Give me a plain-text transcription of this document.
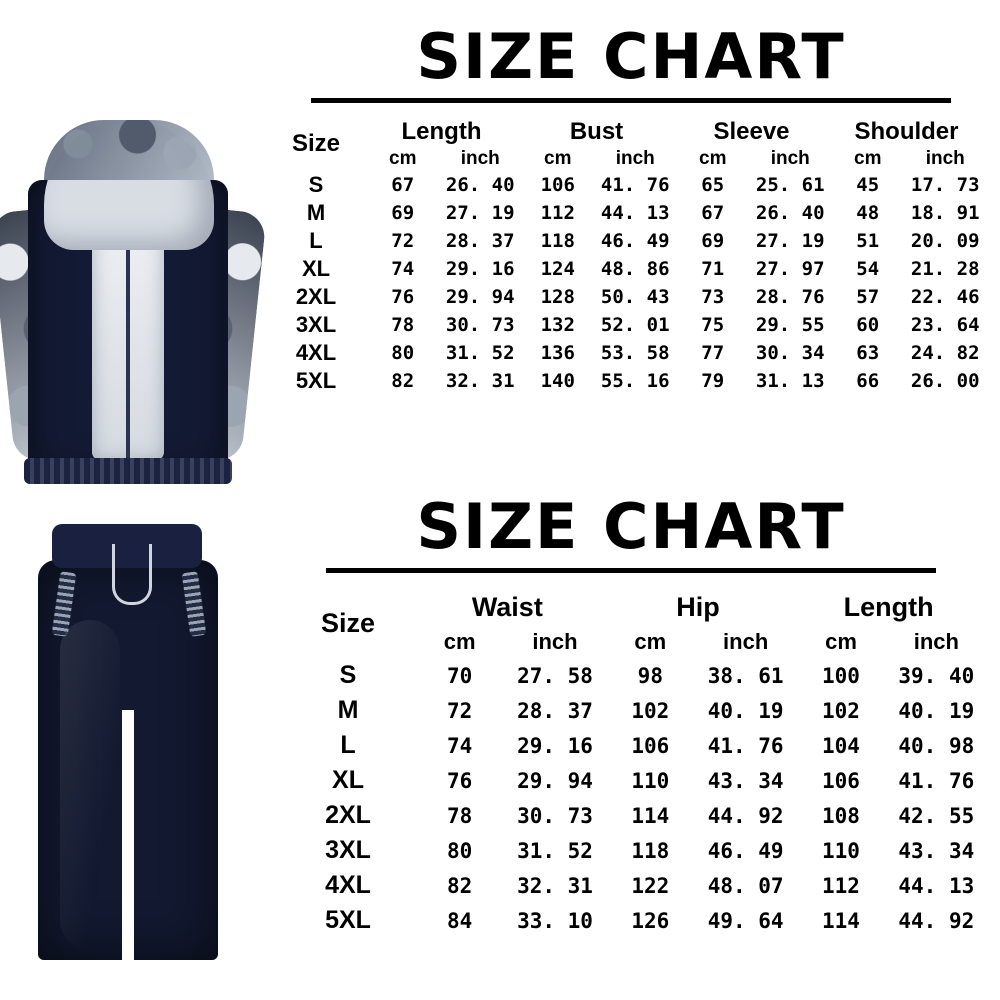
SIZE CHART
Size	Length		Bust		Sleeve		Shoulder	
	cm	inch	cm	inch	cm	inch	cm	inch
S	67	26. 40	106	41. 76	65	25. 61	45	17. 73
M	69	27. 19	112	44. 13	67	26. 40	48	18. 91
L	72	28. 37	118	46. 49	69	27. 19	51	20. 09
XL	74	29. 16	124	48. 86	71	27. 97	54	21. 28
2XL	76	29. 94	128	50. 43	73	28. 76	57	22. 46
3XL	78	30. 73	132	52. 01	75	29. 55	60	23. 64
4XL	80	31. 52	136	53. 58	77	30. 34	63	24. 82
5XL	82	32. 31	140	55. 16	79	31. 13	66	26. 00
SIZE CHART
Size	Waist		Hip		Length	
	cm	inch	cm	inch	cm	inch
S	70	27. 58	98	38. 61	100	39. 40
M	72	28. 37	102	40. 19	102	40. 19
L	74	29. 16	106	41. 76	104	40. 98
XL	76	29. 94	110	43. 34	106	41. 76
2XL	78	30. 73	114	44. 92	108	42. 55
3XL	80	31. 52	118	46. 49	110	43. 34
4XL	82	32. 31	122	48. 07	112	44. 13
5XL	84	33. 10	126	49. 64	114	44. 92
